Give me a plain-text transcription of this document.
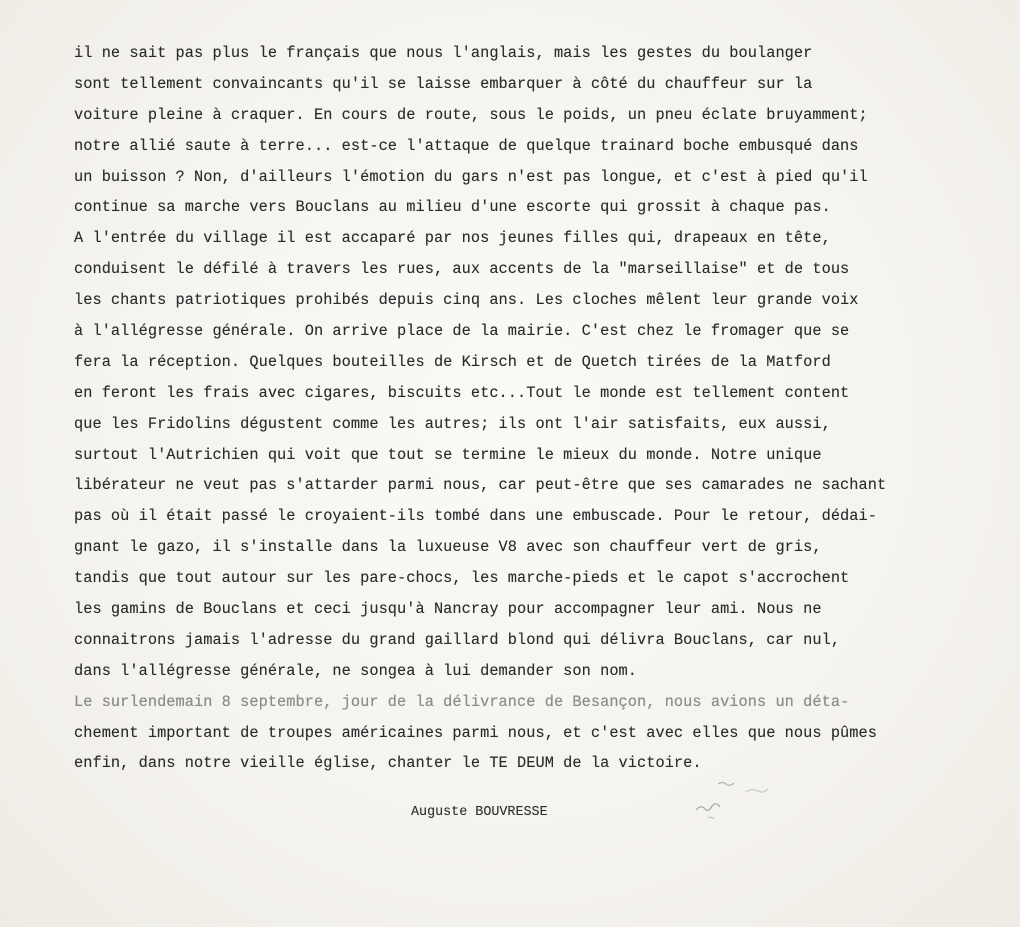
il ne sait pas plus le français que nous l'anglais, mais les gestes du boulanger
sont tellement convaincants qu'il se laisse embarquer à côté du chauffeur sur la
voiture pleine à craquer. En cours de route, sous le poids, un pneu éclate bruyamment;
notre allié saute à terre... est-ce l'attaque de quelque trainard boche embusqué dans
un buisson ? Non, d'ailleurs l'émotion du gars n'est pas longue, et c'est à pied qu'il
continue sa marche vers Bouclans au milieu d'une escorte qui grossit à chaque pas.
A l'entrée du village il est accaparé par nos jeunes filles qui, drapeaux en tête,
conduisent le défilé à travers les rues, aux accents de la "marseillaise" et de tous
les chants patriotiques prohibés depuis cinq ans. Les cloches mêlent leur grande voix
à l'allégresse générale. On arrive place de la mairie. C'est chez le fromager que se
fera la réception. Quelques bouteilles de Kirsch et de Quetch tirées de la Matford
en feront les frais avec cigares, biscuits etc...Tout le monde est tellement content
que les Fridolins dégustent comme les autres; ils ont l'air satisfaits, eux aussi,
surtout l'Autrichien qui voit que tout se termine le mieux du monde. Notre unique
libérateur ne veut pas s'attarder parmi nous, car peut-être que ses camarades ne sachant
pas où il était passé le croyaient-ils tombé dans une embuscade. Pour le retour, dédai-
gnant le gazo, il s'installe dans la luxueuse V8 avec son chauffeur vert de gris,
tandis que tout autour sur les pare-chocs, les marche-pieds et le capot s'accrochent
les gamins de Bouclans et ceci jusqu'à Nancray pour accompagner leur ami. Nous ne
connaitrons jamais l'adresse du grand gaillard blond qui délivra Bouclans, car nul,
dans l'allégresse générale, ne songea à lui demander son nom.
Le surlendemain 8 septembre, jour de la délivrance de Besançon, nous avions un déta-
chement important de troupes américaines parmi nous, et c'est avec elles que nous pûmes
enfin, dans notre vieille église, chanter le TE DEUM de la victoire.
Auguste BOUVRESSE
